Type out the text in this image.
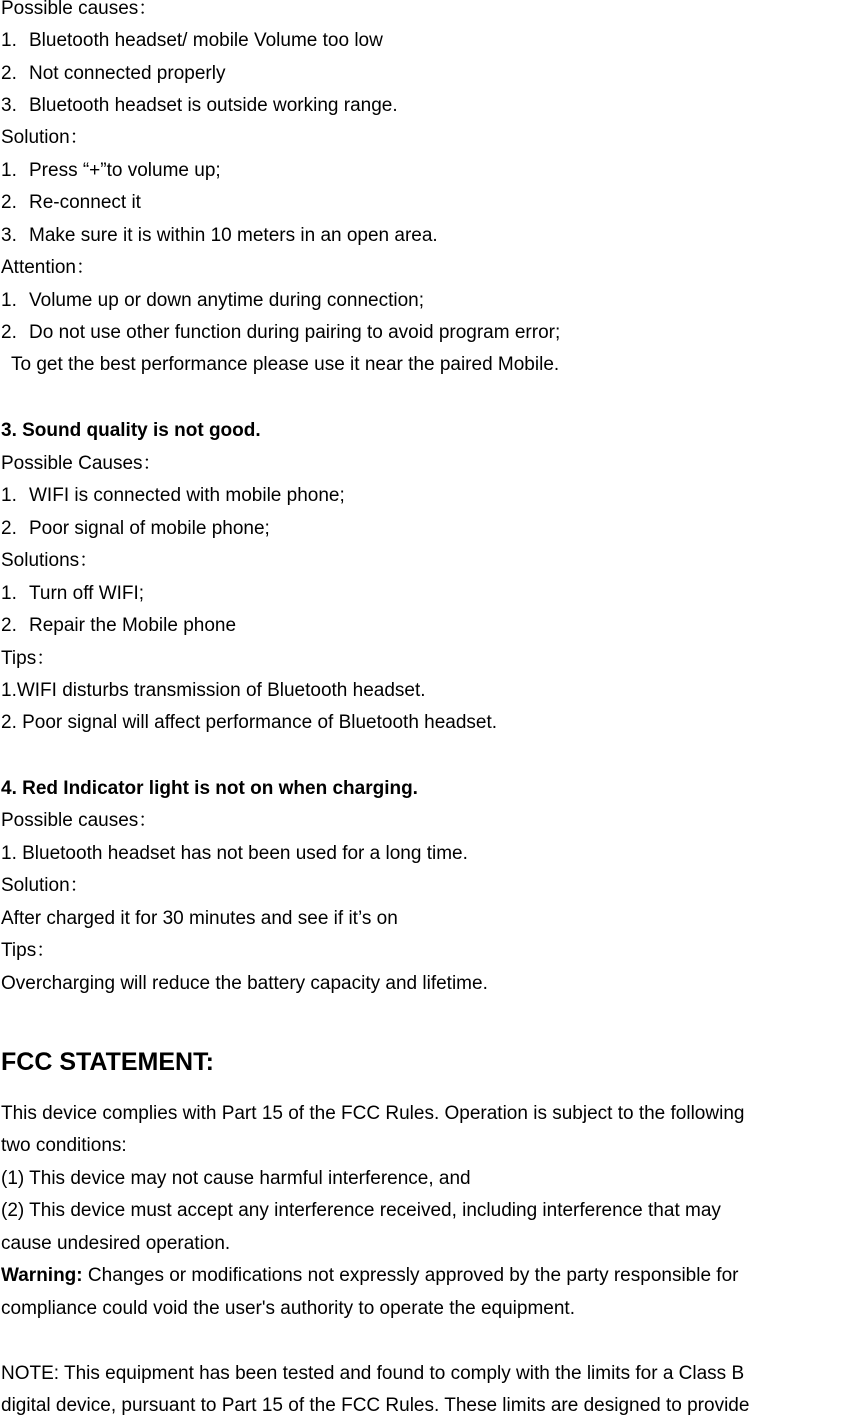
Possible causes：
1. Bluetooth headset/ mobile Volume too low
2. Not connected properly
3. Bluetooth headset is outside working range.
Solution：
1. Press “+”to volume up;
2. Re-connect it
3. Make sure it is within 10 meters in an open area.
Attention：
1. Volume up or down anytime during connection;
2. Do not use other function during pairing to avoid program error;
To get the best performance please use it near the paired Mobile.
3. Sound quality is not good.
Possible Causes：
1. WIFI is connected with mobile phone;
2. Poor signal of mobile phone;
Solutions：
1. Turn off WIFI;
2. Repair the Mobile phone
Tips：
1.WIFI disturbs transmission of Bluetooth headset.
2. Poor signal will affect performance of Bluetooth headset.
4. Red Indicator light is not on when charging.
Possible causes：
1. Bluetooth headset has not been used for a long time.
Solution：
After charged it for 30 minutes and see if it’s on
Tips：
Overcharging will reduce the battery capacity and lifetime.
FCC STATEMENT:
This device complies with Part 15 of the FCC Rules. Operation is subject to the following
two conditions:
(1) This device may not cause harmful interference, and
(2) This device must accept any interference received, including interference that may
cause undesired operation.
Warning: Changes or modifications not expressly approved by the party responsible for
compliance could void the user's authority to operate the equipment.
NOTE: This equipment has been tested and found to comply with the limits for a Class B
digital device, pursuant to Part 15 of the FCC Rules. These limits are designed to provide
